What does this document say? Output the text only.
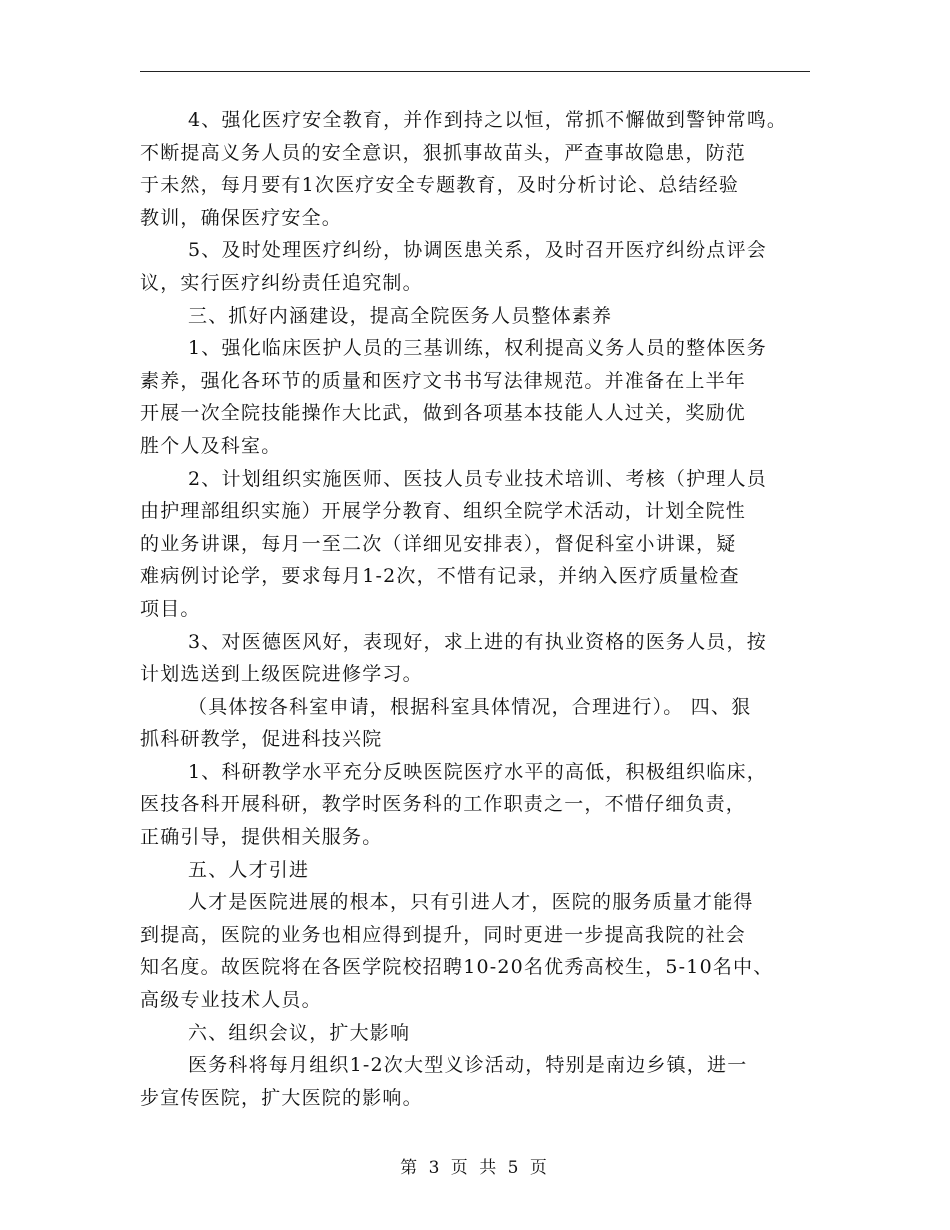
4、强化医疗安全教育，并作到持之以恒，常抓不懈做到警钟常鸣。
不断提高义务人员的安全意识，狠抓事故苗头，严查事故隐患，防范
于未然，每月要有1次医疗安全专题教育，及时分析讨论、总结经验
教训，确保医疗安全。
5、及时处理医疗纠纷，协调医患关系，及时召开医疗纠纷点评会
议，实行医疗纠纷责任追究制。
三、抓好内涵建设，提高全院医务人员整体素养
1、强化临床医护人员的三基训练，权利提高义务人员的整体医务
素养，强化各环节的质量和医疗文书书写法律规范。并准备在上半年
开展一次全院技能操作大比武，做到各项基本技能人人过关，奖励优
胜个人及科室。
2、计划组织实施医师、医技人员专业技术培训、考核（护理人员
由护理部组织实施）开展学分教育、组织全院学术活动，计划全院性
的业务讲课，每月一至二次（详细见安排表），督促科室小讲课，疑
难病例讨论学，要求每月1-2次，不惜有记录，并纳入医疗质量检查
项目。
3、对医德医风好，表现好，求上进的有执业资格的医务人员，按
计划选送到上级医院进修学习。
（具体按各科室申请，根据科室具体情况，合理进行）。 四、狠
抓科研教学，促进科技兴院
1、科研教学水平充分反映医院医疗水平的高低，积极组织临床，
医技各科开展科研，教学时医务科的工作职责之一，不惜仔细负责，
正确引导，提供相关服务。
五、人才引进
人才是医院进展的根本，只有引进人才，医院的服务质量才能得
到提高，医院的业务也相应得到提升，同时更进一步提高我院的社会
知名度。故医院将在各医学院校招聘10-20名优秀高校生，5-10名中、
高级专业技术人员。
六、组织会议，扩大影响
医务科将每月组织1-2次大型义诊活动，特别是南边乡镇，进一
步宣传医院，扩大医院的影响。
第 3 页 共 5 页
